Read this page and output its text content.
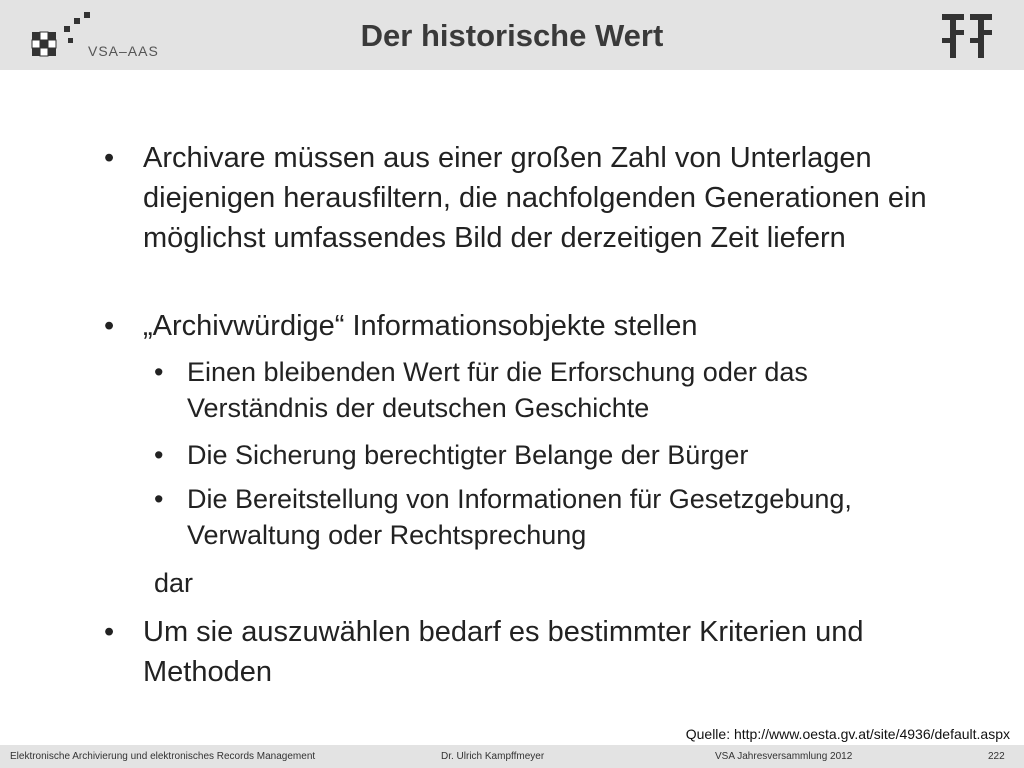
VSA–AAS	Der historische Wert
• Archivare müssen aus einer großen Zahl von Unterlagen diejenigen herausfiltern, die nachfolgenden Generationen ein möglichst umfassendes Bild der derzeitigen Zeit liefern
• „Archivwürdige“ Informationsobjekte stellen
• Einen bleibenden Wert für die Erforschung oder das Verständnis der deutschen Geschichte
• Die Sicherung berechtigter Belange der Bürger
• Die Bereitstellung von Informationen für Gesetzgebung, Verwaltung oder Rechtsprechung
dar
• Um sie auszuwählen bedarf es bestimmter Kriterien und Methoden
Quelle: http://www.oesta.gv.at/site/4936/default.aspx
Elektronische Archivierung und elektronisches Records Management	Dr. Ulrich Kampffmeyer	VSA Jahresversammlung 2012	222
